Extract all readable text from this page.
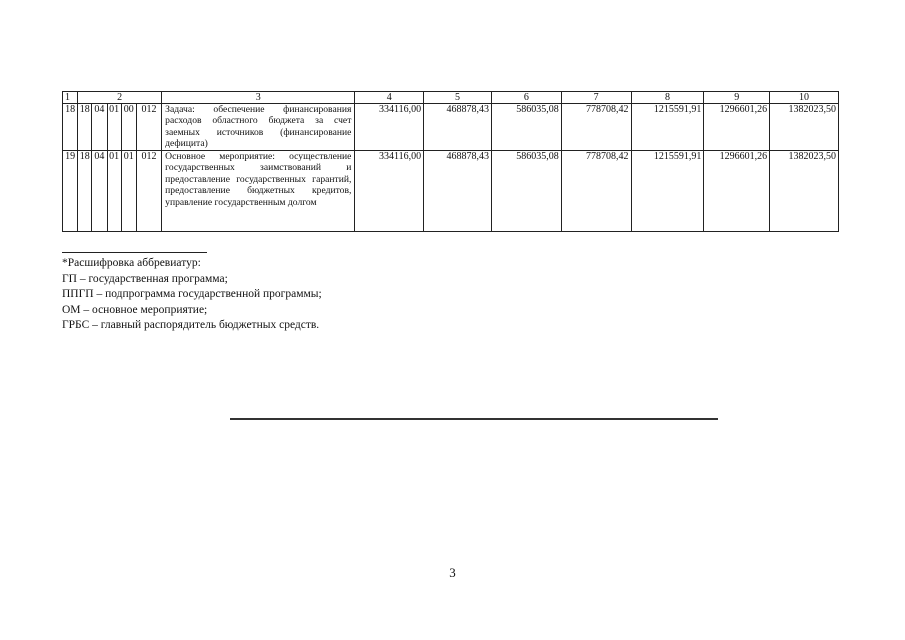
1	2					3	4	5	6	7	8	9	10
18	18	04	01	00	012	Задача: обеспечение финансирования расходов областного бюджета за счет заемных источников (финансирование дефицита)	334116,00	468878,43	586035,08	778708,42	1215591,91	1296601,26	1382023,50
19	18	04	01	01	012	Основное мероприятие: осуществление государственных заимствований и предоставление государственных гарантий, предоставление бюджетных кредитов, управление государственным долгом	334116,00	468878,43	586035,08	778708,42	1215591,91	1296601,26	1382023,50
*Расшифровка аббревиатур:
ГП – государственная программа;
ППГП – подпрограмма государственной программы;
ОМ – основное мероприятие;
ГРБС – главный распорядитель бюджетных средств.
3
